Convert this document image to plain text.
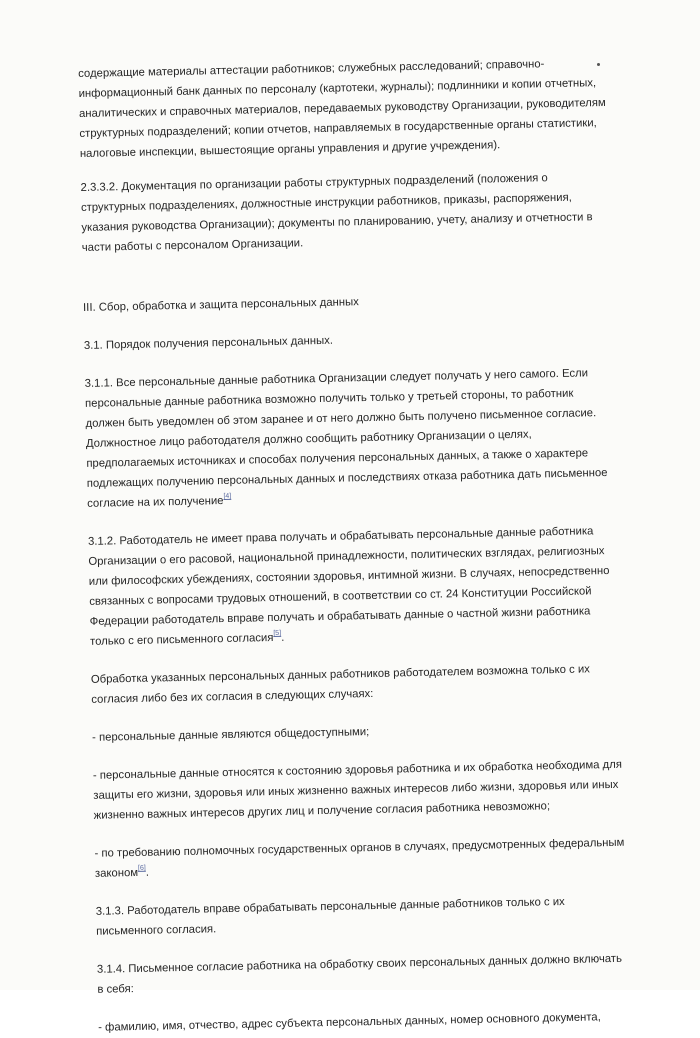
содержащие материалы аттестации работников; служебных расследований; справочно-
информационный банк данных по персоналу (картотеки, журналы); подлинники и копии отчетных,
аналитических и справочных материалов, передаваемых руководству Организации, руководителям
структурных подразделений; копии отчетов, направляемых в государственные органы статистики,
налоговые инспекции, вышестоящие органы управления и другие учреждения).

2.3.3.2. Документация по организации работы структурных подразделений (положения о
структурных подразделениях, должностные инструкции работников, приказы, распоряжения,
указания руководства Организации); документы по планированию, учету, анализу и отчетности в
части работы с персоналом Организации.

III. Сбор, обработка и защита персональных данных

3.1. Порядок получения персональных данных.

3.1.1. Все персональные данные работника Организации следует получать у него самого. Если
персональные данные работника возможно получить только у третьей стороны, то работник
должен быть уведомлен об этом заранее и от него должно быть получено письменное согласие.
Должностное лицо работодателя должно сообщить работнику Организации о целях,
предполагаемых источниках и способах получения персональных данных, а также о характере
подлежащих получению персональных данных и последствиях отказа работника дать письменное
согласие на их получение[4]

3.1.2. Работодатель не имеет права получать и обрабатывать персональные данные работника
Организации о его расовой, национальной принадлежности, политических взглядах, религиозных
или философских убеждениях, состоянии здоровья, интимной жизни. В случаях, непосредственно
связанных с вопросами трудовых отношений, в соответствии со ст. 24 Конституции Российской
Федерации работодатель вправе получать и обрабатывать данные о частной жизни работника
только с его письменного согласия[5].

Обработка указанных персональных данных работников работодателем возможна только с их
согласия либо без их согласия в следующих случаях:

- персональные данные являются общедоступными;

- персональные данные относятся к состоянию здоровья работника и их обработка необходима для
защиты его жизни, здоровья или иных жизненно важных интересов либо жизни, здоровья или иных
жизненно важных интересов других лиц и получение согласия работника невозможно;

- по требованию полномочных государственных органов в случаях, предусмотренных федеральным
законом[6].

3.1.3. Работодатель вправе обрабатывать персональные данные работников только с их
письменного согласия.

3.1.4. Письменное согласие работника на обработку своих персональных данных должно включать
в себя:

- фамилию, имя, отчество, адрес субъекта персональных данных, номер основного документа,
